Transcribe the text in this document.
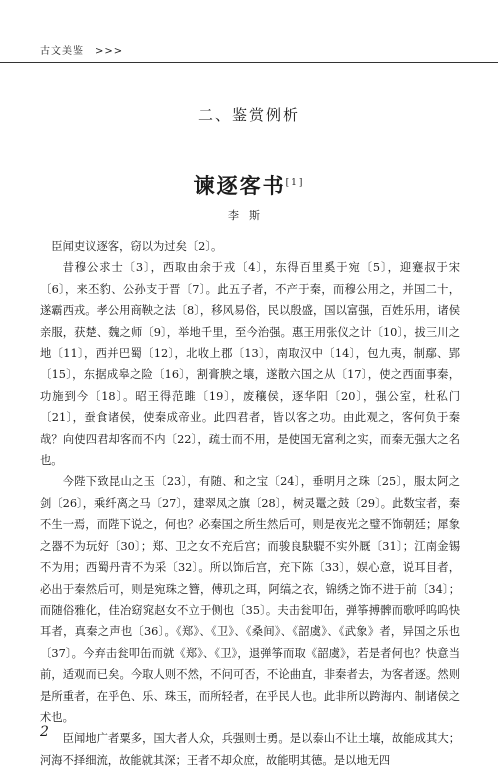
古文美鉴　>>>
二、鉴赏例析
谏逐客书[1]
李斯

臣闻吏议逐客，窃以为过矣〔2〕。

昔穆公求士〔3〕，西取由余于戎〔4〕，东得百里奚于宛〔5〕，迎蹇叔于宋〔6〕，来丕豹、公孙支于晋〔7〕。此五子者，不产于秦，而穆公用之，并国二十，遂霸西戎。孝公用商鞅之法〔8〕，移风易俗，民以殷盛，国以富强，百姓乐用，诸侯亲服，获楚、魏之师〔9〕，举地千里，至今治强。惠王用张仪之计〔10〕，拔三川之地〔11〕，西并巴蜀〔12〕，北收上郡〔13〕，南取汉中〔14〕，包九夷，制鄢、郢〔15〕，东据成皋之险〔16〕，割膏腴之壤，遂散六国之从〔17〕，使之西面事秦，功施到今〔18〕。昭王得范雎〔19〕，废穰侯，逐华阳〔20〕，强公室，杜私门〔21〕，蚕食诸侯，使秦成帝业。此四君者，皆以客之功。由此观之，客何负于秦哉？向使四君却客而不内〔22〕，疏士而不用，是使国无富利之实，而秦无强大之名也。

今陛下致昆山之玉〔23〕，有随、和之宝〔24〕，垂明月之珠〔25〕，服太阿之剑〔26〕，乘纤离之马〔27〕，建翠凤之旗〔28〕，树灵鼍之鼓〔29〕。此数宝者，秦不生一焉，而陛下说之，何也？必秦国之所生然后可，则是夜光之璧不饰朝廷；犀象之器不为玩好〔30〕；郑、卫之女不充后宫；而骏良駃騠不实外厩〔31〕；江南金锡不为用；西蜀丹青不为采〔32〕。所以饰后宫，充下陈〔33〕，娱心意，说耳目者，必出于秦然后可，则是宛珠之簪，傅玑之珥，阿缟之衣，锦绣之饰不进于前〔34〕；而随俗雅化，佳冶窈窕赵女不立于侧也〔35〕。夫击瓮叩缶，弹筝搏髀而歌呼呜呜快耳者，真秦之声也〔36〕。《郑》、《卫》、《桑间》、《韶虞》、《武象》者，异国之乐也〔37〕。今弃击瓮叩缶而就《郑》、《卫》，退弹筝而取《韶虞》，若是者何也？快意当前，适观而已矣。今取人则不然，不问可否，不论曲直，非秦者去，为客者逐。然则是所重者，在乎色、乐、珠玉，而所轻者，在乎民人也。此非所以跨海内、制诸侯之术也。

臣闻地广者粟多，国大者人众，兵强则士勇。是以泰山不让土壤，故能成其大；河海不择细流，故能就其深；王者不却众庶，故能明其德。是以地无四

2
